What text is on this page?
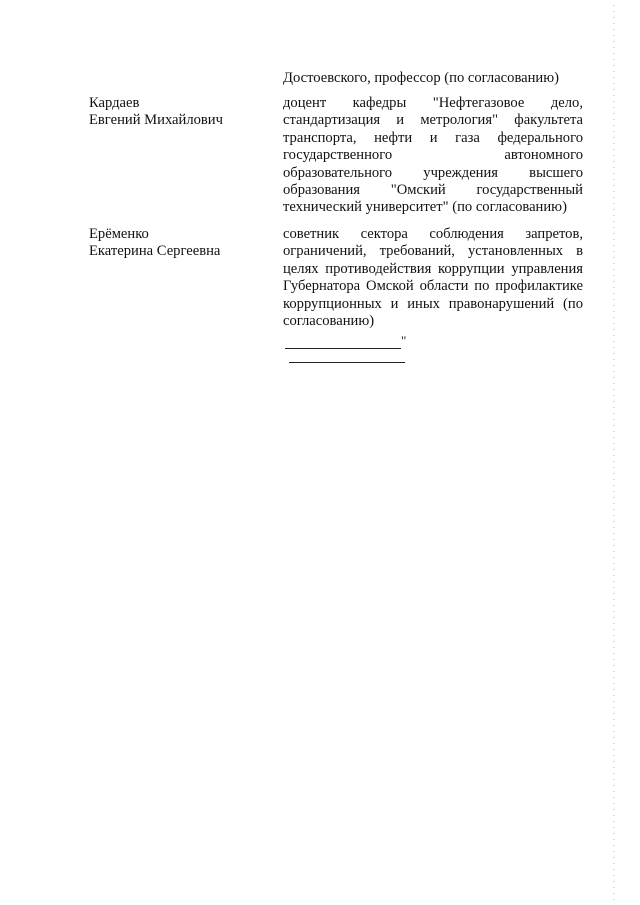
Достоевского, профессор (по согласованию)
Кардаев
Евгений Михайлович
доцент кафедры "Нефтегазовое дело, стандартизация и метрология" факультета транспорта, нефти и газа федерального государственного автономного образовательного учреждения высшего образования "Омский государственный технический университет" (по согласованию)
Ерёменко
Екатерина Сергеевна
советник сектора соблюдения запретов, ограничений, требований, установленных в целях противодействия коррупции управления Губернатора Омской области по профилактике коррупционных и иных правонарушений (по согласованию)
"
